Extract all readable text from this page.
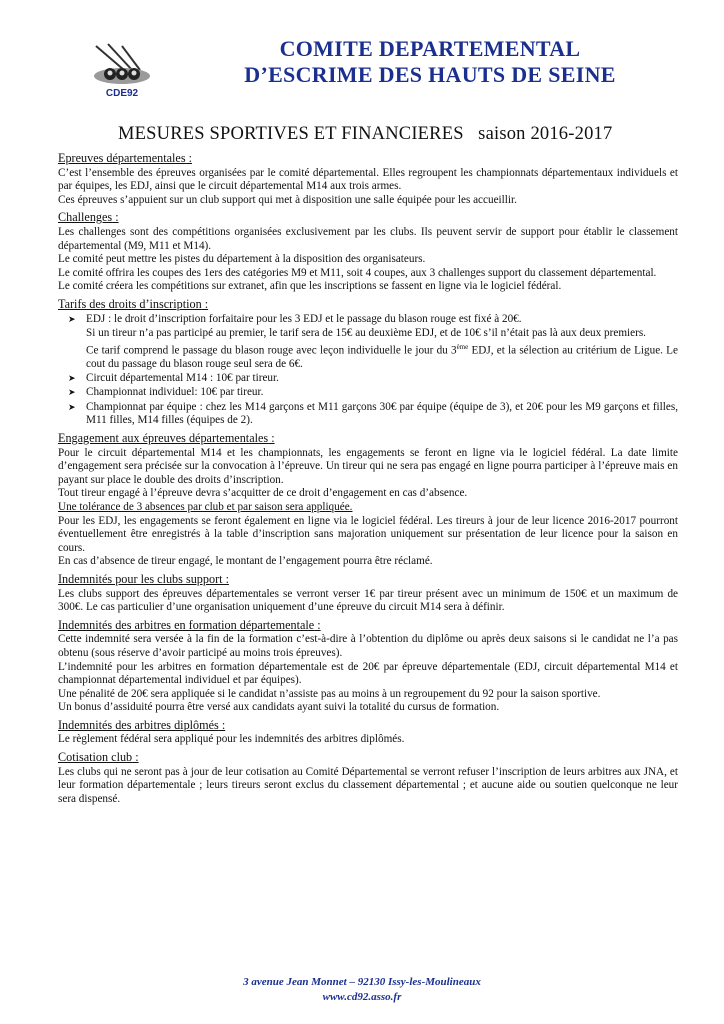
CDE92
COMITE DEPARTEMENTAL
D’ESCRIME DES HAUTS DE SEINE
MESURES SPORTIVES ET FINANCIERES   saison 2016-2017
Epreuves départementales :

C’est l’ensemble des épreuves organisées par le comité départemental. Elles regroupent les championnats départementaux individuels et par équipes, les EDJ, ainsi que le circuit départemental M14 aux trois armes.

Ces épreuves s’appuient sur un club support qui met à disposition une salle équipée pour les accueillir.

Challenges :

Les challenges sont des compétitions organisées exclusivement par les clubs. Ils peuvent servir de support pour établir le classement départemental (M9, M11 et M14).

Le comité peut mettre les pistes du département à la disposition des organisateurs.

Le comité offrira les coupes des 1ers des catégories M9 et M11, soit 4 coupes, aux 3 challenges support du classement départemental.

Le comité créera les compétitions sur extranet, afin que les inscriptions se fassent en ligne via le logiciel fédéral.

Tarifs des droits d’inscription :
➤ EDJ : le droit d’inscription forfaitaire pour les 3 EDJ et le passage du blason rouge est fixé à 20€.

Si un tireur n’a pas participé au premier, le tarif sera de 15€ au deuxième EDJ, et de 10€ s’il n’était pas là aux deux premiers.

Ce tarif comprend le passage du blason rouge avec leçon individuelle le jour du 3ème EDJ, et la sélection au critérium de Ligue. Le cout du passage du blason rouge seul sera de 6€.

➤ Circuit départemental M14 : 10€ par tireur.
➤ Championnat individuel: 10€ par tireur.
➤ Championnat par équipe : chez les M14 garçons et M11 garçons 30€ par équipe (équipe de 3), et 20€ pour les M9 garçons et filles, M11 filles, M14 filles (équipes de 2).
Engagement aux épreuves départementales :

Pour le circuit départemental M14 et les championnats, les engagements se feront en ligne via le logiciel fédéral. La date limite d’engagement sera précisée sur la convocation à l’épreuve. Un tireur qui ne sera pas engagé en ligne pourra participer à l’épreuve mais en payant sur place le double des droits d’inscription.

Tout tireur engagé à l’épreuve devra s’acquitter de ce droit d’engagement en cas d’absence.

Une tolérance de 3 absences par club et par saison sera appliquée.

Pour les EDJ, les engagements se feront également en ligne via le logiciel fédéral. Les tireurs à jour de leur licence 2016-2017 pourront éventuellement être enregistrés à la table d’inscription sans majoration uniquement sur présentation de leur licence pour la saison en cours.

En cas d’absence de tireur engagé, le montant de l’engagement pourra être réclamé.

Indemnités pour les clubs support :

Les clubs support des épreuves départementales se verront verser 1€ par tireur présent avec un minimum de 150€ et un maximum de 300€. Le cas particulier d’une organisation uniquement d’une épreuve du circuit M14 sera à définir.

Indemnités des arbitres en formation départementale :

Cette indemnité sera versée à la fin de la formation c’est-à-dire à l’obtention du diplôme ou après deux saisons si le candidat ne l’a pas obtenu (sous réserve d’avoir participé au moins trois épreuves).

L’indemnité pour les arbitres en formation départementale est de 20€ par épreuve départementale (EDJ, circuit départemental M14 et championnat départemental individuel et par équipes).

Une pénalité de 20€ sera appliquée si le candidat n’assiste pas au moins à un regroupement du 92 pour la saison sportive.

Un bonus d’assiduité pourra être versé aux candidats ayant suivi la totalité du cursus de formation.

Indemnités des arbitres diplômés :

Le règlement fédéral sera appliqué pour les indemnités des arbitres diplômés.

Cotisation club :

Les clubs qui ne seront pas à jour de leur cotisation au Comité Départemental se verront refuser l’inscription de leurs arbitres aux JNA, et leur formation départementale ; leurs tireurs seront exclus du classement départemental ; et aucune aide ou soutien quelconque ne leur sera dispensé.

3 avenue Jean Monnet – 92130 Issy-les-Moulineaux
www.cd92.asso.fr
